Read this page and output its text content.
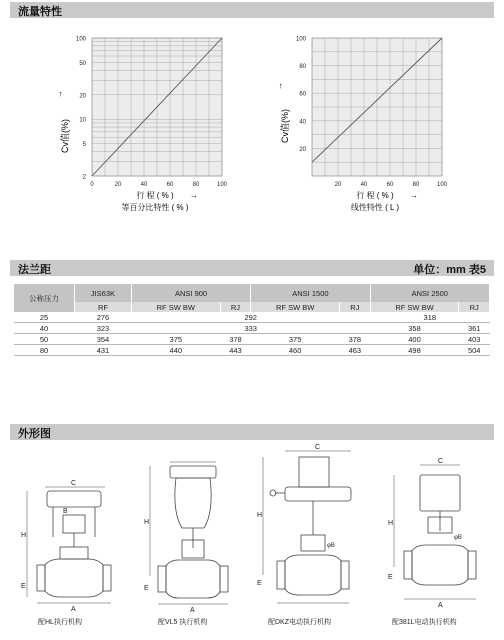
流量特性
100
50
20
10
5
2
0	20	40	60	80	100
Cv值(%)
→
行 程 ( % ) →
等百分比特性 ( % )
100
80
60
40
20
20	40	60	80	100
Cv值(%)
→
行 程 ( % ) →
线性特性 ( L )
法兰距	单位：mm 表5
公称压力	JIS63K	ANSI 900		ANSI 1500		ANSI 2500	
	RF	RF SW BW	RJ	RF SW BW	RJ	RF SW BW	RJ
25	276	292				318	
40	323	333				358	361
50	354	375	378	375	378	400	403
80	431	440	443	460	463	498	504
外形图
C
B
A
H
E
A
H
E
C
φB
H
E
C
φB
A
H
E
配HL执行机构	配VL5 执行机构	配DKZ电动执行机构	配381L电动执行机构
